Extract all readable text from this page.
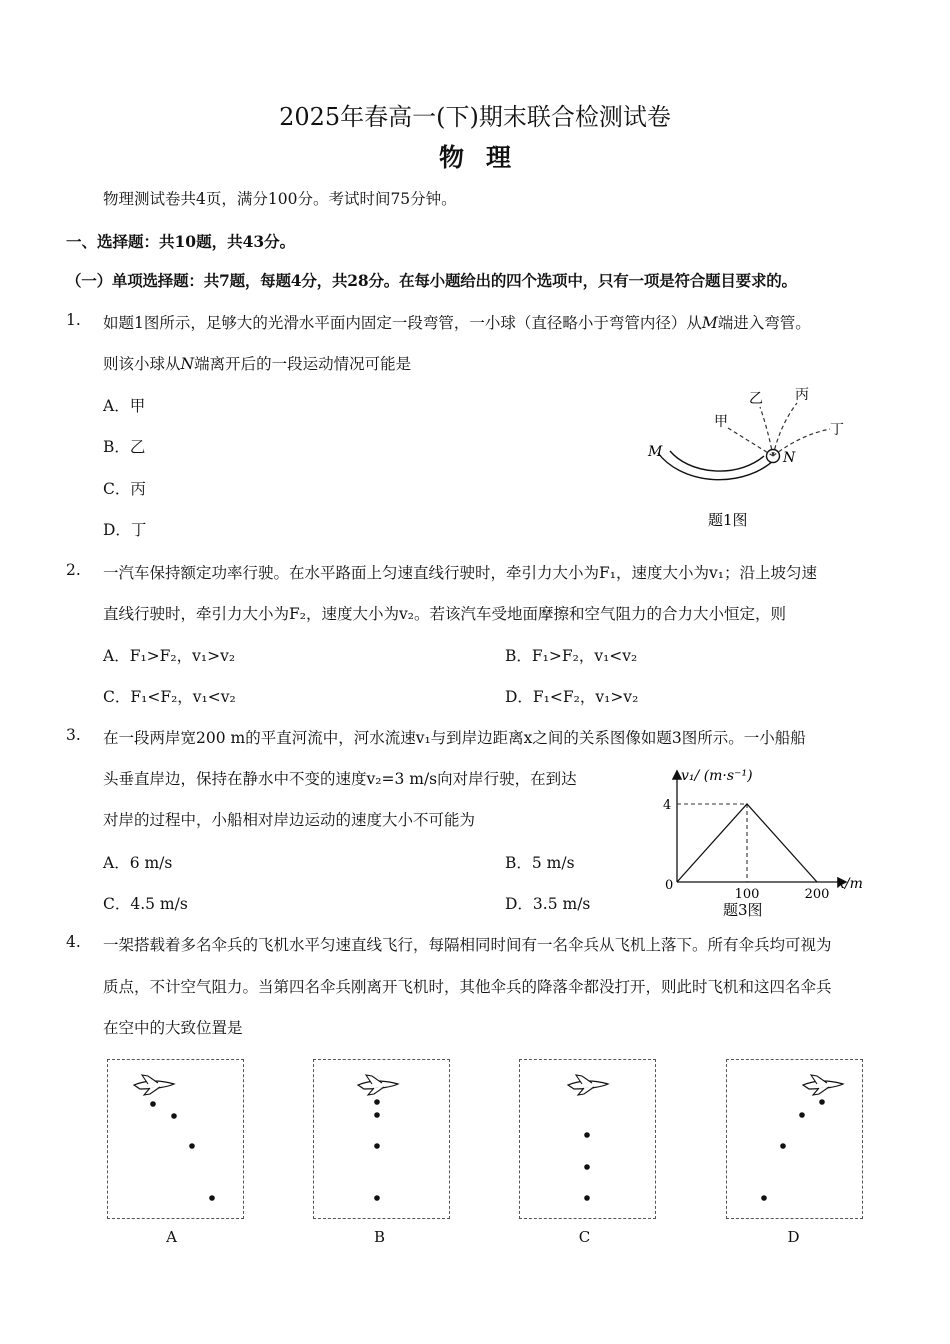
2025年春高一(下)期末联合检测试卷
物理
物理测试卷共4页，满分100分。考试时间75分钟。
一、选择题：共10题，共43分。
（一）单项选择题：共7题，每题4分，共28分。在每小题给出的四个选项中，只有一项是符合题目要求的。
1. 如题1图所示，足够大的光滑水平面内固定一段弯管，一小球（直径略小于弯管内径）从M端进入弯管。
则该小球从N端离开后的一段运动情况可能是
A．甲
B．乙
C．丙
D．丁
M	N
甲
乙 丙
丁
题1图
2. 一汽车保持额定功率行驶。在水平路面上匀速直线行驶时，牵引力大小为F₁，速度大小为v₁；沿上坡匀速
直线行驶时，牵引力大小为F₂，速度大小为v₂。若该汽车受地面摩擦和空气阻力的合力大小恒定，则
A．F₁>F₂，v₁>v₂	B．F₁>F₂，v₁<v₂
C．F₁<F₂，v₁<v₂	D．F₁<F₂，v₁>v₂
3. 在一段两岸宽200 m的平直河流中，河水流速v₁与到岸边距离x之间的关系图像如题3图所示。一小船船
头垂直岸边，保持在静水中不变的速度v₂=3 m/s向对岸行驶，在到达
对岸的过程中，小船相对岸边运动的速度大小不可能为
A．6 m/s	B．5 m/s
C．4.5 m/s	D．3.5 m/s
v₁/ (m·s⁻¹)
x/m
0
4
100	200
题3图
4. 一架搭载着多名伞兵的飞机水平匀速直线飞行，每隔相同时间有一名伞兵从飞机上落下。所有伞兵均可视为
质点，不计空气阻力。当第四名伞兵刚离开飞机时，其他伞兵的降落伞都没打开，则此时飞机和这四名伞兵
在空中的大致位置是
A	B	C	D
